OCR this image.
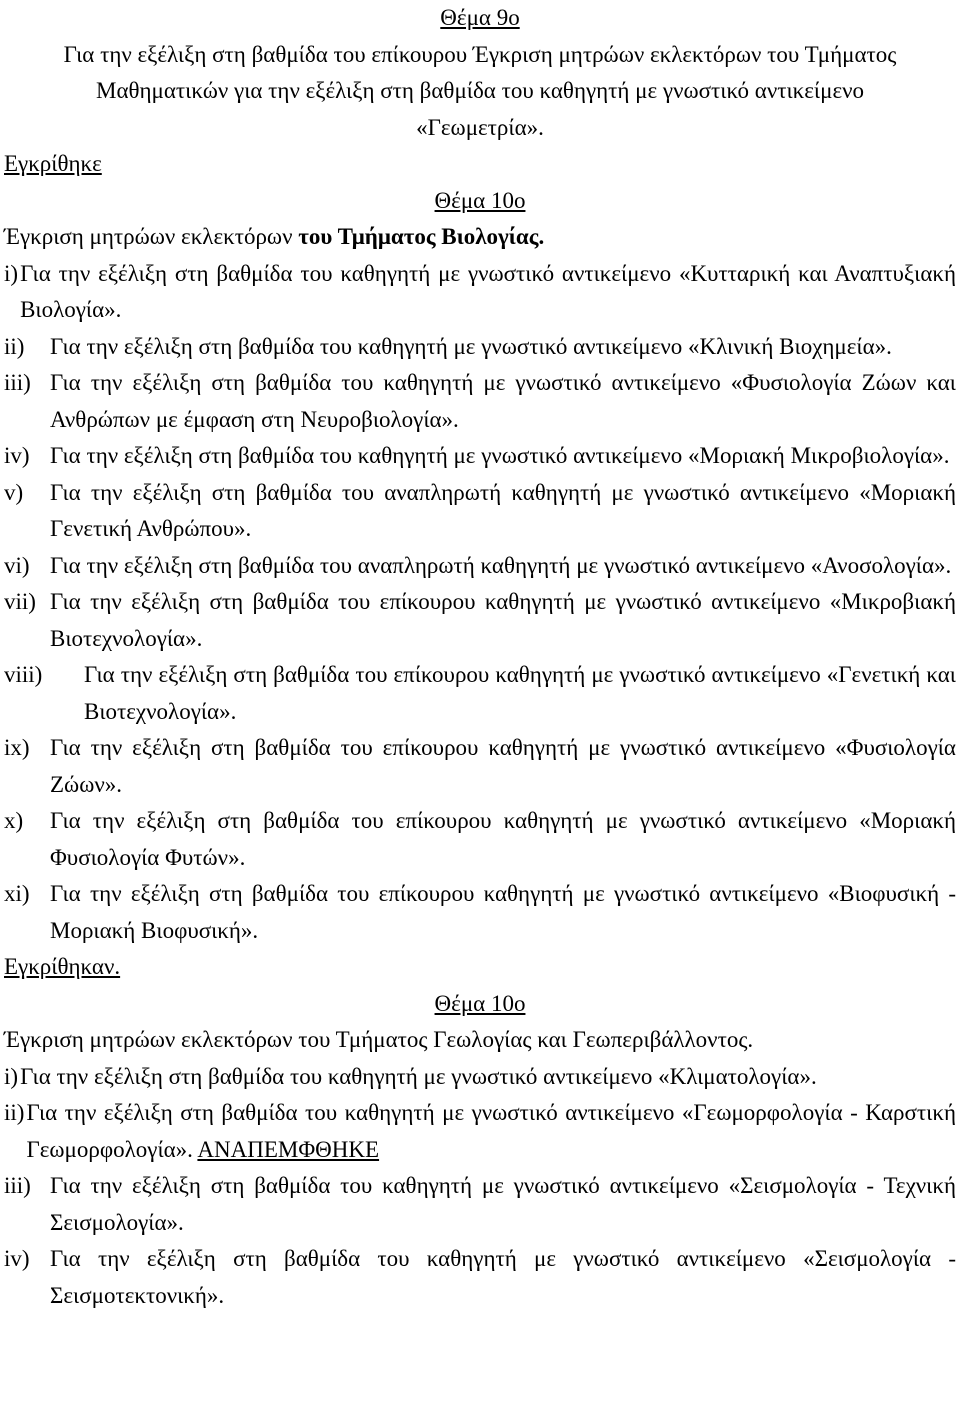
Θέμα 9ο
Για την εξέλιξη στη βαθμίδα του επίκουρου Έγκριση μητρώων εκλεκτόρων του Τμήματος Μαθηματικών για την εξέλιξη στη βαθμίδα του καθηγητή με γνωστικό αντικείμενο «Γεωμετρία».
Εγκρίθηκε
Θέμα 10ο
Έγκριση μητρώων εκλεκτόρων του Τμήματος Βιολογίας.
i) Για την εξέλιξη στη βαθμίδα του καθηγητή με γνωστικό αντικείμενο «Κυτταρική και Αναπτυξιακή Βιολογία».
ii)	Για την εξέλιξη στη βαθμίδα του καθηγητή με γνωστικό αντικείμενο «Κλινική Βιοχημεία».
iii) Για την εξέλιξη στη βαθμίδα του καθηγητή με γνωστικό αντικείμενο «Φυσιολογία Ζώων και Ανθρώπων με έμφαση στη Νευροβιολογία».
iv) Για την εξέλιξη στη βαθμίδα του καθηγητή με γνωστικό αντικείμενο «Μοριακή Μικροβιολογία».
v)	Για την εξέλιξη στη βαθμίδα του αναπληρωτή καθηγητή με γνωστικό αντικείμενο «Μοριακή Γενετική Ανθρώπου».
vi) Για την εξέλιξη στη βαθμίδα του αναπληρωτή καθηγητή με γνωστικό αντικείμενο «Ανοσολογία».
vii) Για την εξέλιξη στη βαθμίδα του επίκουρου καθηγητή με γνωστικό αντικείμενο «Μικροβιακή Βιοτεχνολογία».
viii)	Για την εξέλιξη στη βαθμίδα του επίκουρου καθηγητή με γνωστικό αντικείμενο «Γενετική και Βιοτεχνολογία».
ix) Για την εξέλιξη στη βαθμίδα του επίκουρου καθηγητή με γνωστικό αντικείμενο «Φυσιολογία Ζώων».
x)	Για την εξέλιξη στη βαθμίδα του επίκουρου καθηγητή με γνωστικό αντικείμενο «Μοριακή Φυσιολογία Φυτών».
xi) Για την εξέλιξη στη βαθμίδα του επίκουρου καθηγητή με γνωστικό αντικείμενο «Βιοφυσική - Μοριακή Βιοφυσική».
Εγκρίθηκαν.
Θέμα 10ο
Έγκριση μητρώων εκλεκτόρων του Τμήματος Γεωλογίας και Γεωπεριβάλλοντος.
i) Για την εξέλιξη στη βαθμίδα του καθηγητή με γνωστικό αντικείμενο «Κλιματολογία».
ii) Για την εξέλιξη στη βαθμίδα του καθηγητή με γνωστικό αντικείμενο «Γεωμορφολογία - Καρστική Γεωμορφολογία». ΑΝΑΠΕΜΦΘΗΚΕ
iii) Για την εξέλιξη στη βαθμίδα του καθηγητή με γνωστικό αντικείμενο «Σεισμολογία - Τεχνική Σεισμολογία».
iv) Για την εξέλιξη στη βαθμίδα του καθηγητή με γνωστικό αντικείμενο «Σεισμολογία - Σεισμοτεκτονική».
